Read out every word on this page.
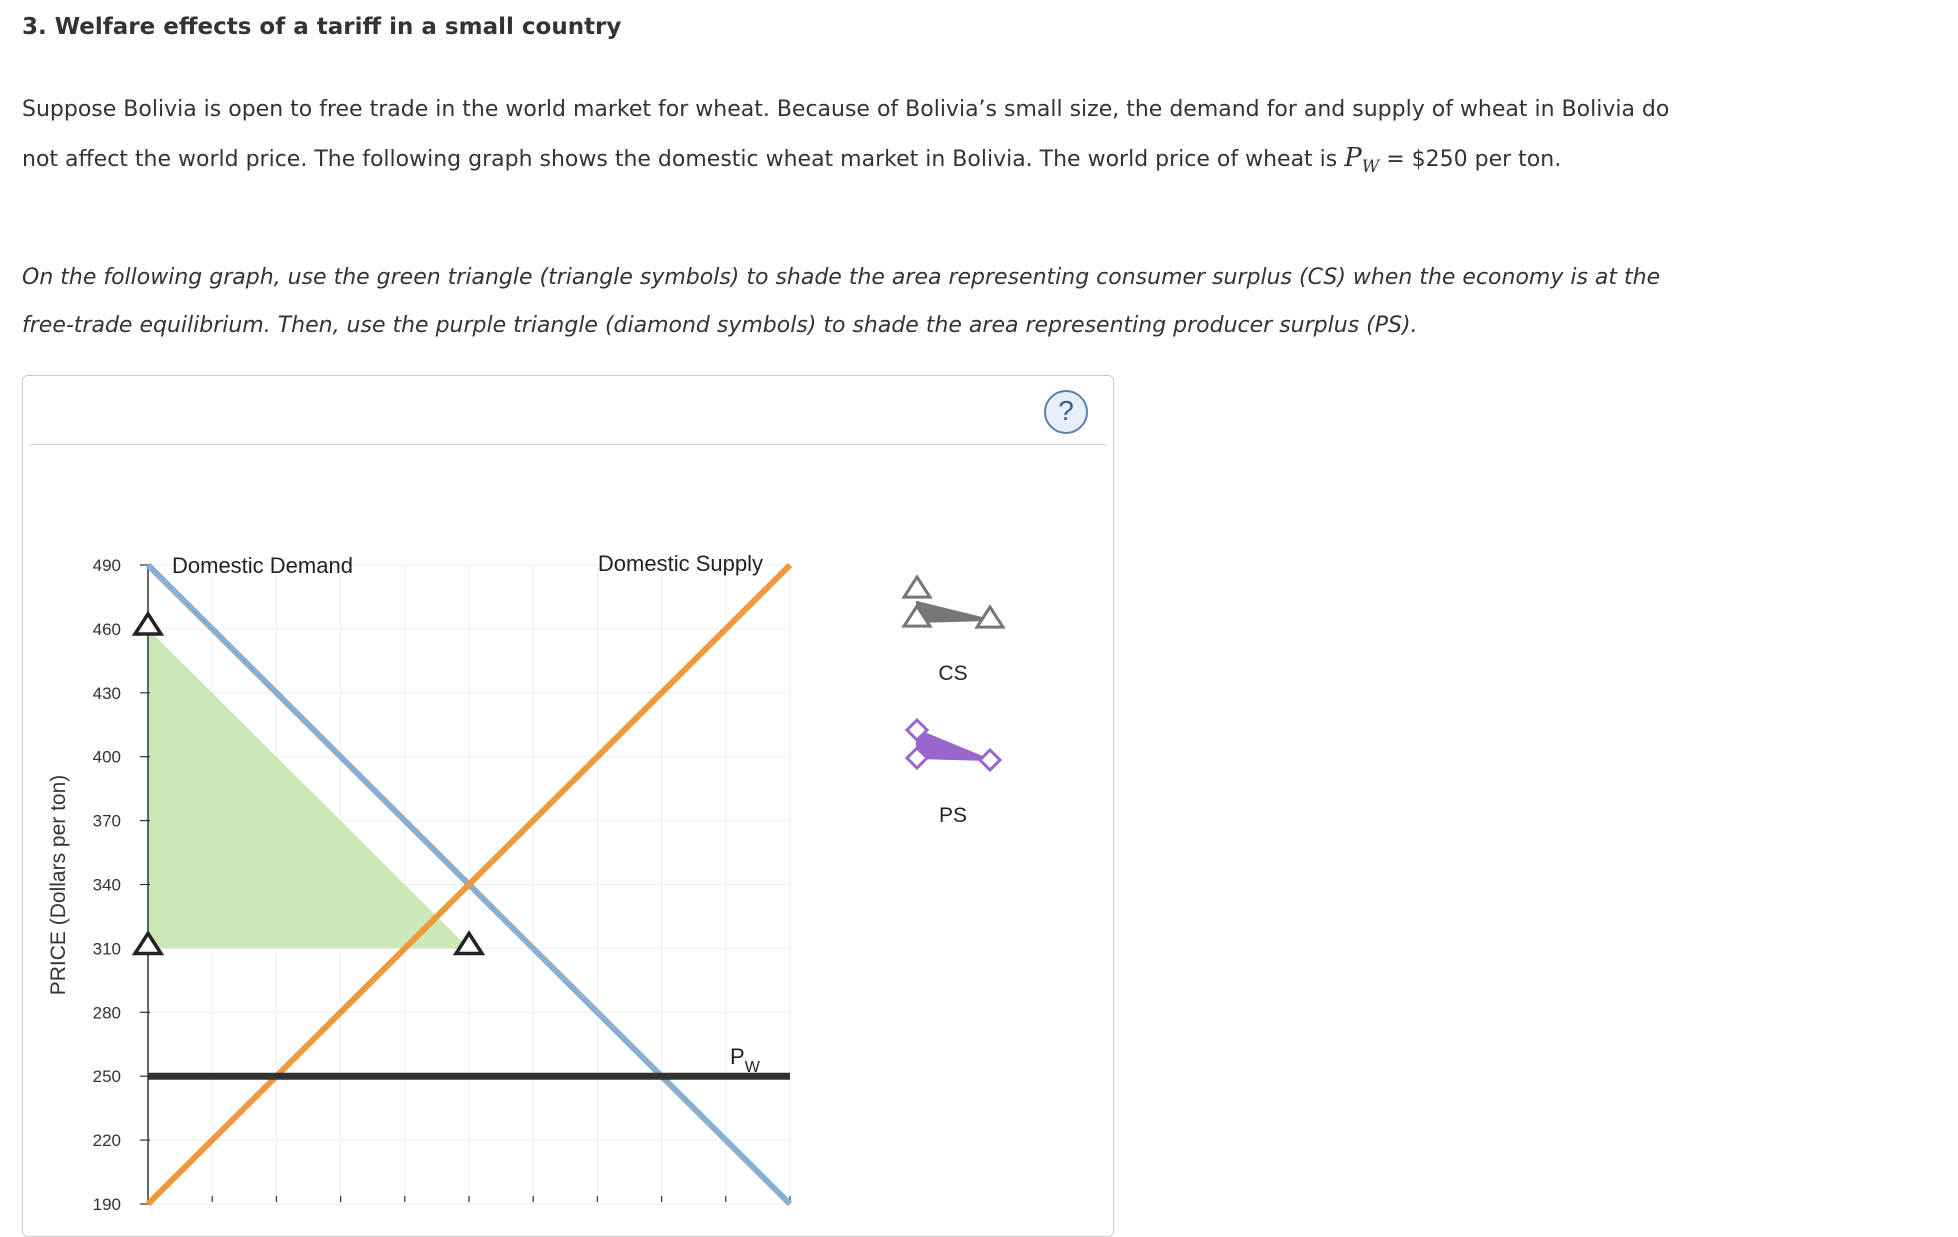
3. Welfare effects of a tariff in a small country
Suppose Bolivia is open to free trade in the world market for wheat. Because of Bolivia’s small size, the demand for and supply of wheat in Bolivia do
not affect the world price. The following graph shows the domestic wheat market in Bolivia. The world price of wheat is $P_W$ = $250 per ton.
On the following graph, use the green triangle (triangle symbols) to shade the area representing consumer surplus (CS) when the economy is at the
free-trade equilibrium. Then, use the purple triangle (diamond symbols) to shade the area representing producer surplus (PS).
?
490
460
430
400
370
340
310
280
250
220
190
PRICE (Dollars per ton)
Domestic Demand	Domestic Supply
$P_W$
CS
PS
